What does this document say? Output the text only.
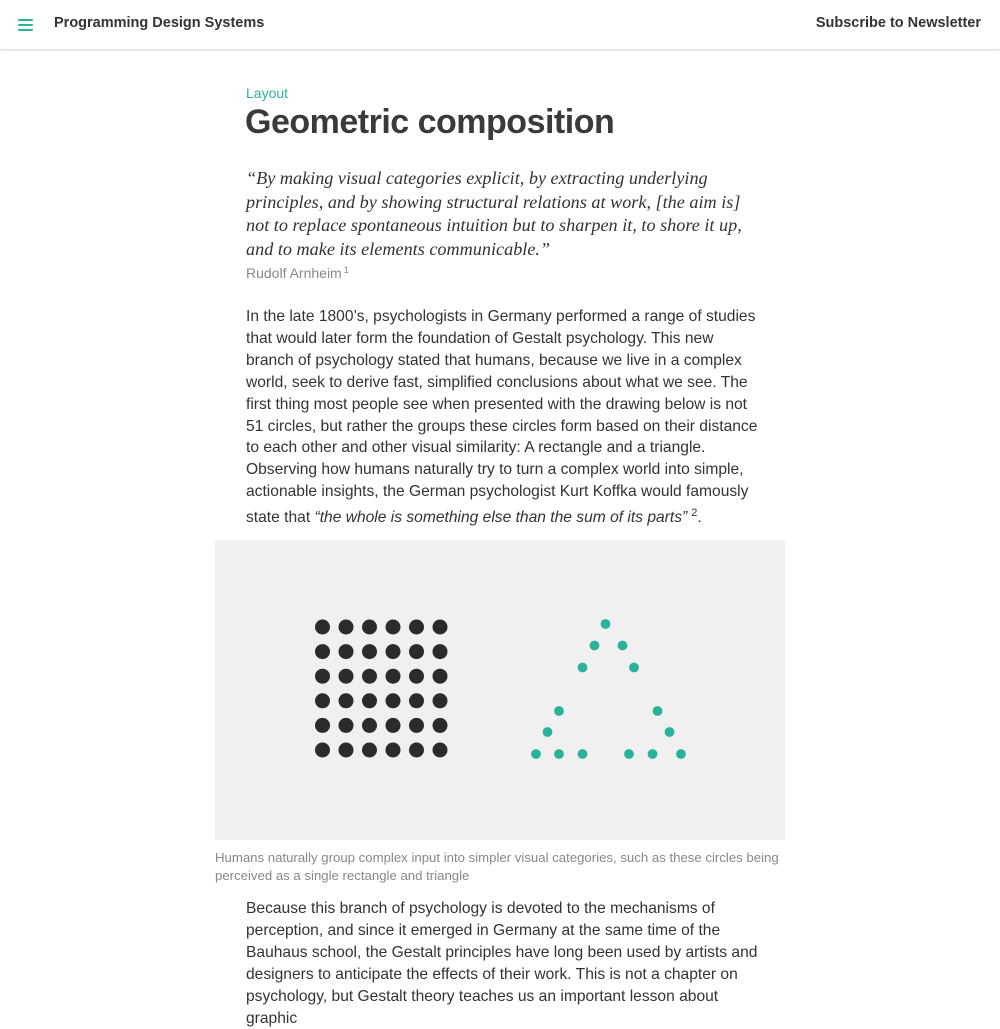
Layout
Geometric composition

“By making visual categories explicit, by extracting underlying principles, and by showing structural relations at work, [the aim is] not to replace spontaneous intuition but to sharpen it, to shore it up, and to make its elements communicable.”

Rudolf Arnheim $^1$

In the late 1800’s, psychologists in Germany performed a range of studies that would later form the foundation of Gestalt psychology. This new branch of psychology stated that humans, because we live in a complex world, seek to derive fast, simplified conclusions about what we see. The first thing most people see when presented with the drawing below is not 51 circles, but rather the groups these circles form based on their distance to each other and other visual similarity: A rectangle and a triangle. Observing how humans naturally try to turn a complex world into simple, actionable insights, the German psychologist Kurt Koffka would famously state that “the whole is something else than the sum of its parts” $^2$.

Humans naturally group complex input into simpler visual categories, such as these circles being perceived as a single rectangle and triangle

Because this branch of psychology is devoted to the mechanisms of perception, and since it emerged in Germany at the same time of the Bauhaus school, the Gestalt principles have long been used by artists and designers to anticipate the effects of their work. This is not a chapter on psychology, but Gestalt theory teaches us an important lesson about graphic

Programming Design Systems	Subscribe to Newsletter
